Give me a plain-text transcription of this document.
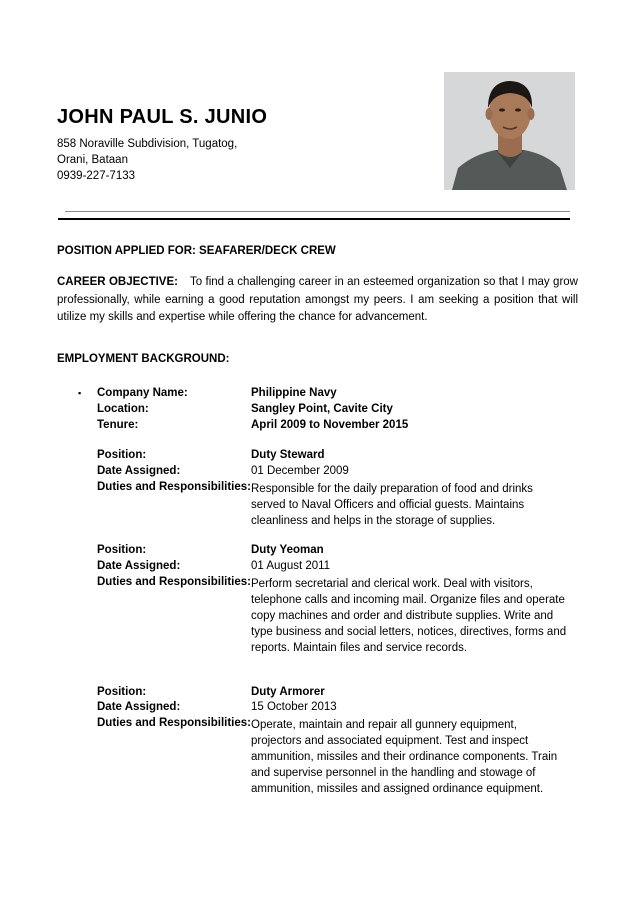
JOHN PAUL S. JUNIO
858 Noraville Subdivision, Tugatog,
Orani, Bataan
0939-227-7133
POSITION APPLIED FOR: SEAFARER/DECK CREW
CAREER OBJECTIVE: To find a challenging career in an esteemed organization so that I may grow professionally, while earning a good reputation amongst my peers. I am seeking a position that will utilize my skills and expertise while offering the chance for advancement.
EMPLOYMENT BACKGROUND:
▪ Company Name:	Philippine Navy
Location:	Sangley Point, Cavite City
Tenure:	April 2009 to November 2015
Position:	Duty Steward
Date Assigned:	01 December 2009
Duties and Responsibilities: Responsible for the daily preparation of food and drinks
served to Naval Officers and official guests. Maintains
cleanliness and helps in the storage of supplies.
Position:	Duty Yeoman
Date Assigned:	01 August 2011
Duties and Responsibilities: Perform secretarial and clerical work. Deal with visitors,
telephone calls and incoming mail. Organize files and operate
copy machines and order and distribute supplies. Write and
type business and social letters, notices, directives, forms and
reports. Maintain files and service records.
Position:	Duty Armorer
Date Assigned:	15 October 2013
Duties and Responsibilities: Operate, maintain and repair all gunnery equipment,
projectors and associated equipment. Test and inspect
ammunition, missiles and their ordinance components. Train
and supervise personnel in the handling and stowage of
ammunition, missiles and assigned ordinance equipment.
